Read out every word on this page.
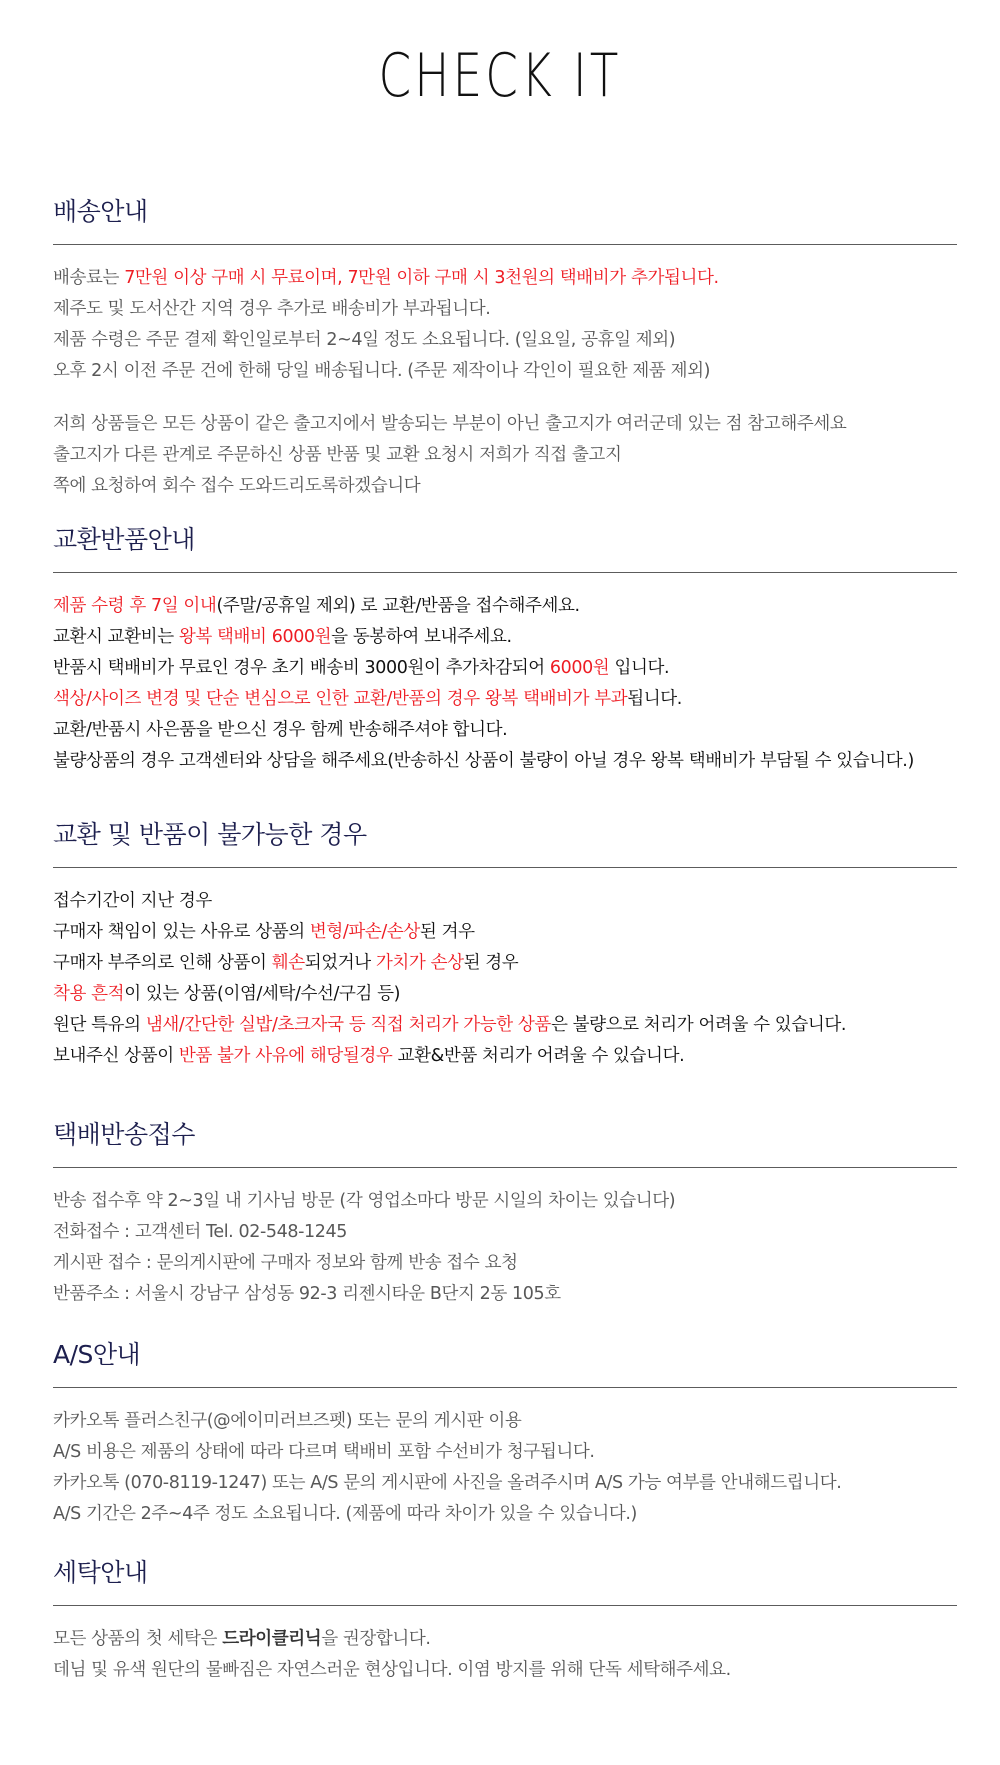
CHECK IT
배송안내
배송료는 7만원 이상 구매 시 무료이며, 7만원 이하 구매 시 3천원의 택배비가 추가됩니다.
제주도 및 도서산간 지역 경우 추가로 배송비가 부과됩니다.
제품 수령은 주문 결제 확인일로부터 2~4일 정도 소요됩니다. (일요일, 공휴일 제외)
오후 2시 이전 주문 건에 한해 당일 배송됩니다. (주문 제작이나 각인이 필요한 제품 제외)
저희 상품들은 모든 상품이 같은 출고지에서 발송되는 부분이 아닌 출고지가 여러군데 있는 점 참고해주세요
출고지가 다른 관계로 주문하신 상품 반품 및 교환 요청시 저희가 직접 출고지
쪽에 요청하여 회수 접수 도와드리도록하겠습니다
교환반품안내
제품 수령 후 7일 이내(주말/공휴일 제외) 로 교환/반품을 접수해주세요.
교환시 교환비는 왕복 택배비 6000원을 동봉하여 보내주세요.
반품시 택배비가 무료인 경우 초기 배송비 3000원이 추가차감되어 6000원 입니다.
색상/사이즈 변경 및 단순 변심으로 인한 교환/반품의 경우 왕복 택배비가 부과됩니다.
교환/반품시 사은품을 받으신 경우 함께 반송해주셔야 합니다.
불량상품의 경우 고객센터와 상담을 해주세요(반송하신 상품이 불량이 아닐 경우 왕복 택배비가 부담될 수 있습니다.)
교환 및 반품이 불가능한 경우
접수기간이 지난 경우
구매자 책임이 있는 사유로 상품의 변형/파손/손상된 겨우
구매자 부주의로 인해 상품이 훼손되었거나 가치가 손상된 경우
착용 흔적이 있는 상품(이염/세탁/수선/구김 등)
원단 특유의 냄새/간단한 실밥/초크자국 등 직접 처리가 가능한 상품은 불량으로 처리가 어려울 수 있습니다.
보내주신 상품이 반품 불가 사유에 해당될경우 교환&반품 처리가 어려울 수 있습니다.
택배반송접수
반송 접수후 약 2~3일 내 기사님 방문 (각 영업소마다 방문 시일의 차이는 있습니다)
전화접수 : 고객센터 Tel. 02-548-1245
게시판 접수 : 문의게시판에 구매자 정보와 함께 반송 접수 요청
반품주소 : 서울시 강남구 삼성동 92-3 리젠시타운 B단지 2동 105호
A/S안내
카카오톡 플러스친구(@에이미러브즈펫) 또는 문의 게시판 이용
A/S 비용은 제품의 상태에 따라 다르며 택배비 포함 수선비가 청구됩니다.
카카오톡 (070-8119-1247) 또는 A/S 문의 게시판에 사진을 올려주시며 A/S 가능 여부를 안내해드립니다.
A/S 기간은 2주~4주 정도 소요됩니다. (제품에 따라 차이가 있을 수 있습니다.)
세탁안내
모든 상품의 첫 세탁은 드라이클리닉을 권장합니다.
데님 및 유색 원단의 물빠짐은 자연스러운 현상입니다. 이염 방지를 위해 단독 세탁해주세요.
